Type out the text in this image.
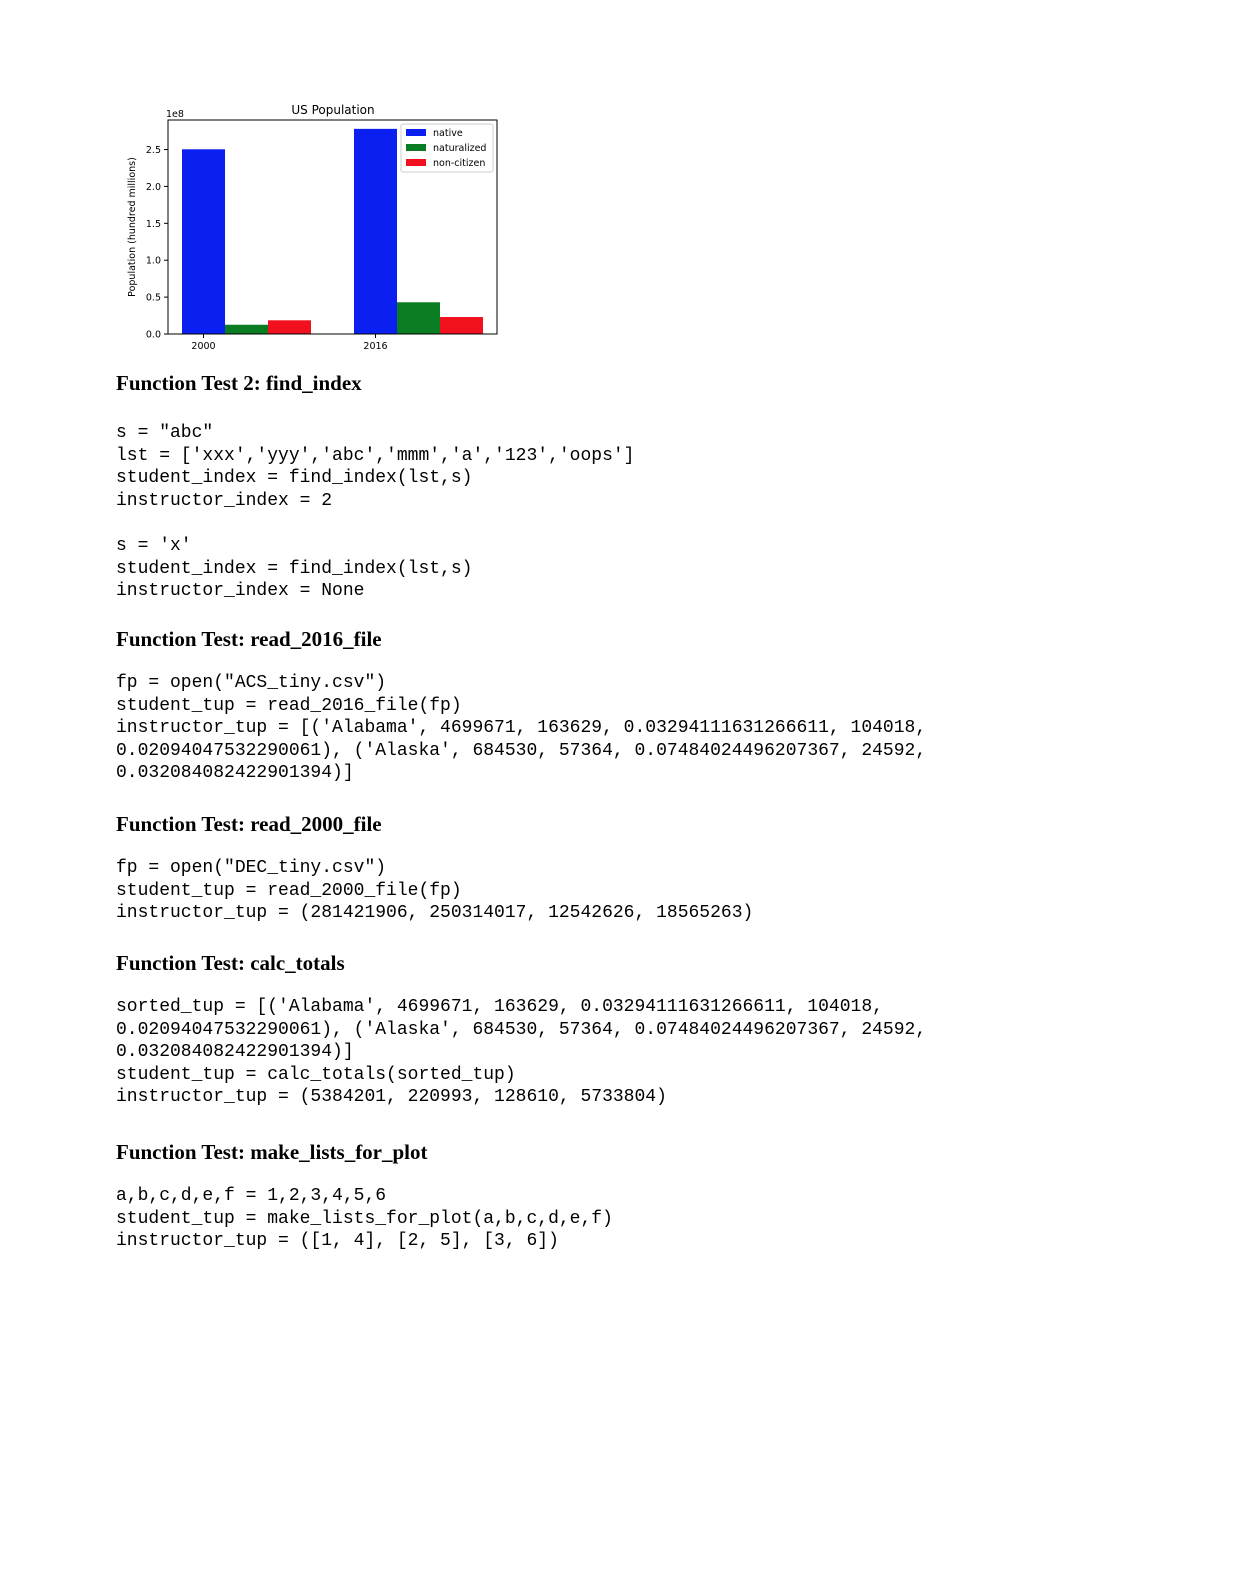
US Population
1e8
Population (hundred millions)
0.0
0.5
1.0
1.5
2.0
2.5
2000	2016
native
naturalized
non-citizen
Function Test 2: find_index
s = "abc"
lst = ['xxx','yyy','abc','mmm','a','123','oops']
student_index = find_index(lst,s)
instructor_index = 2

s = 'x'
student_index = find_index(lst,s)
instructor_index = None
Function Test: read_2016_file
fp = open("ACS_tiny.csv")
student_tup = read_2016_file(fp)
instructor_tup = [('Alabama', 4699671, 163629, 0.03294111631266611, 104018,
0.02094047532290061), ('Alaska', 684530, 57364, 0.07484024496207367, 24592,
0.032084082422901394)]
Function Test: read_2000_file
fp = open("DEC_tiny.csv")
student_tup = read_2000_file(fp)
instructor_tup = (281421906, 250314017, 12542626, 18565263)
Function Test: calc_totals
sorted_tup = [('Alabama', 4699671, 163629, 0.03294111631266611, 104018,
0.02094047532290061), ('Alaska', 684530, 57364, 0.07484024496207367, 24592,
0.032084082422901394)]
student_tup = calc_totals(sorted_tup)
instructor_tup = (5384201, 220993, 128610, 5733804)
Function Test: make_lists_for_plot
a,b,c,d,e,f = 1,2,3,4,5,6
student_tup = make_lists_for_plot(a,b,c,d,e,f)
instructor_tup = ([1, 4], [2, 5], [3, 6])
